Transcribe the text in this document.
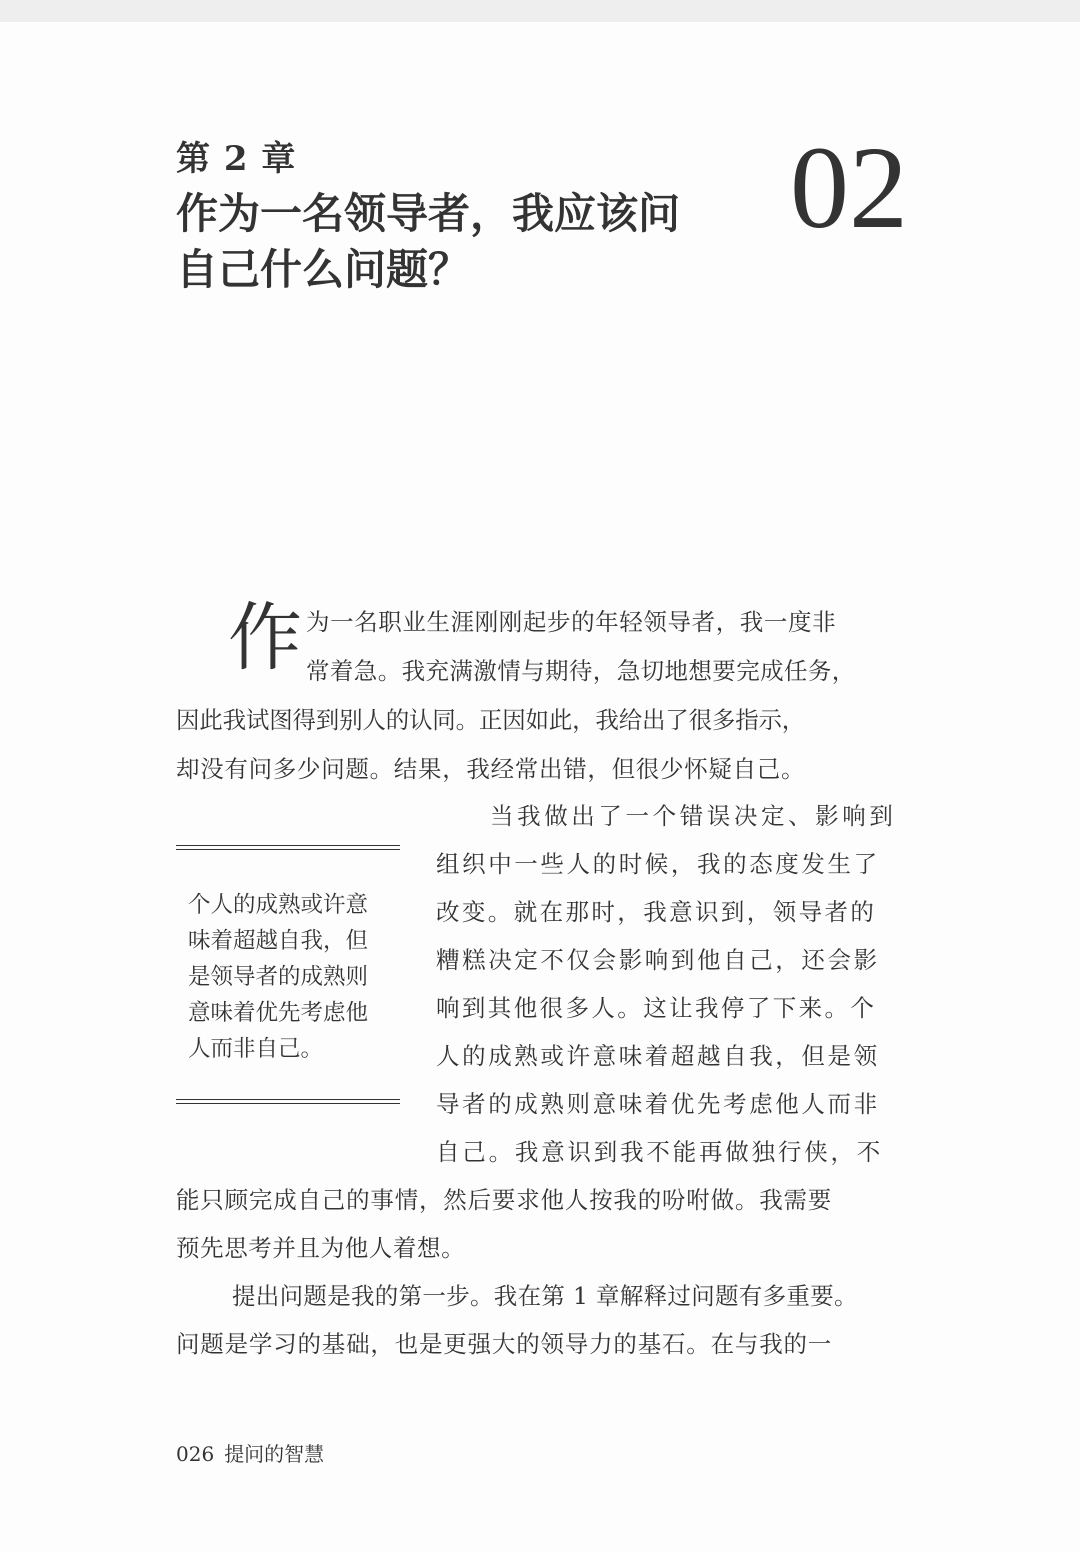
第 2 章
作为一名领导者，我应该问
自己什么问题？
02
作 为一名职业生涯刚刚起步的年轻领导者，我一度非
常着急。我充满激情与期待，急切地想要完成任务，
因此我试图得到别人的认同。正因如此，我给出了很多指示，
却没有问多少问题。结果，我经常出错，但很少怀疑自己。
当我做出了一个错误决定、影响到
组织中一些人的时候，我的态度发生了
改变。就在那时，我意识到，领导者的
糟糕决定不仅会影响到他自己，还会影
响到其他很多人。这让我停了下来。个
人的成熟或许意味着超越自我，但是领
导者的成熟则意味着优先考虑他人而非
自己。我意识到我不能再做独行侠，不
能只顾完成自己的事情，然后要求他人按我的吩咐做。我需要
预先思考并且为他人着想。
提出问题是我的第一步。我在第 1 章解释过问题有多重要。
问题是学习的基础，也是更强大的领导力的基石。在与我的一
个人的成熟或许意
味着超越自我，但
是领导者的成熟则
意味着优先考虑他
人而非自己。
026 提问的智慧
